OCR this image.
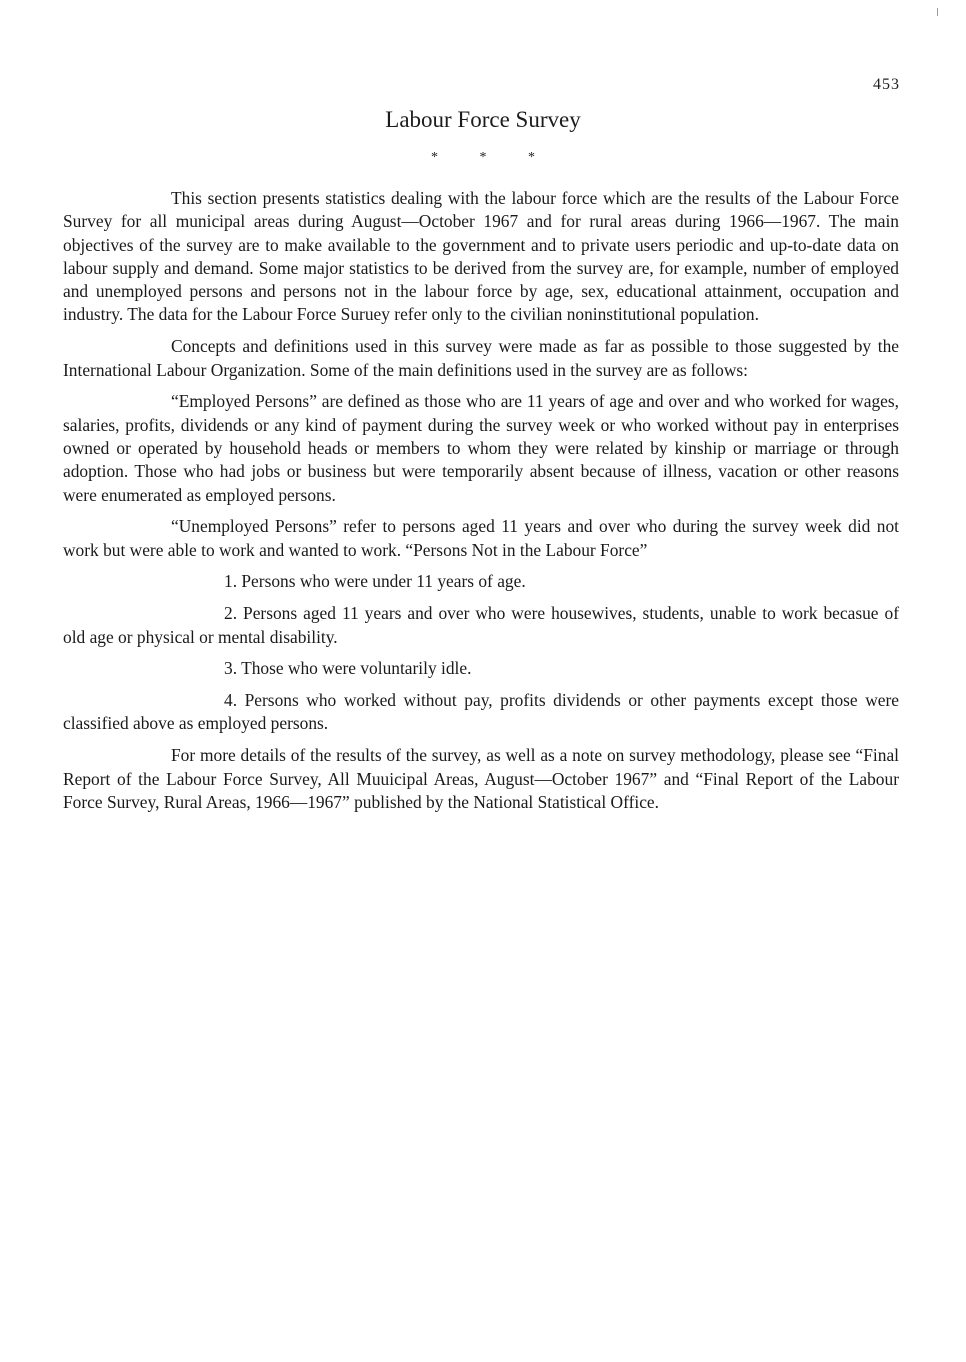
453
Labour Force Survey
* * *

This section presents statistics dealing with the labour force which are the results of the Labour Force Survey for all municipal areas during August—October 1967 and for rural areas during 1966—1967. The main objectives of the survey are to make available to the government and to private users periodic and up-to-date data on labour supply and demand. Some major statistics to be derived from the survey are, for example, number of employed and unemployed persons and persons not in the labour force by age, sex, educational attainment, occupation and industry. The data for the Labour Force Suruey refer only to the civilian noninstitutional population.

Concepts and definitions used in this survey were made as far as possible to those suggested by the International Labour Organization. Some of the main definitions used in the survey are as follows:

“Employed Persons” are defined as those who are 11 years of age and over and who worked for wages, salaries, profits, dividends or any kind of payment during the survey week or who worked without pay in enterprises owned or operated by household heads or members to whom they were related by kinship or marriage or through adoption. Those who had jobs or business but were temporarily absent because of illness, vacation or other reasons were enumerated as employed persons.

“Unemployed Persons” refer to persons aged 11 years and over who during the survey week did not work but were able to work and wanted to work. “Persons Not in the Labour Force”

1. Persons who were under 11 years of age.

2. Persons aged 11 years and over who were housewives, students, unable to work becasue of old age or physical or mental disability.

3. Those who were voluntarily idle.

4. Persons who worked without pay, profits dividends or other payments except those were classified above as employed persons.

For more details of the results of the survey, as well as a note on survey methodology, please see “Final Report of the Labour Force Survey, All Muuicipal Areas, August—October 1967” and “Final Report of the Labour Force Survey, Rural Areas, 1966—1967” published by the National Statistical Office.
